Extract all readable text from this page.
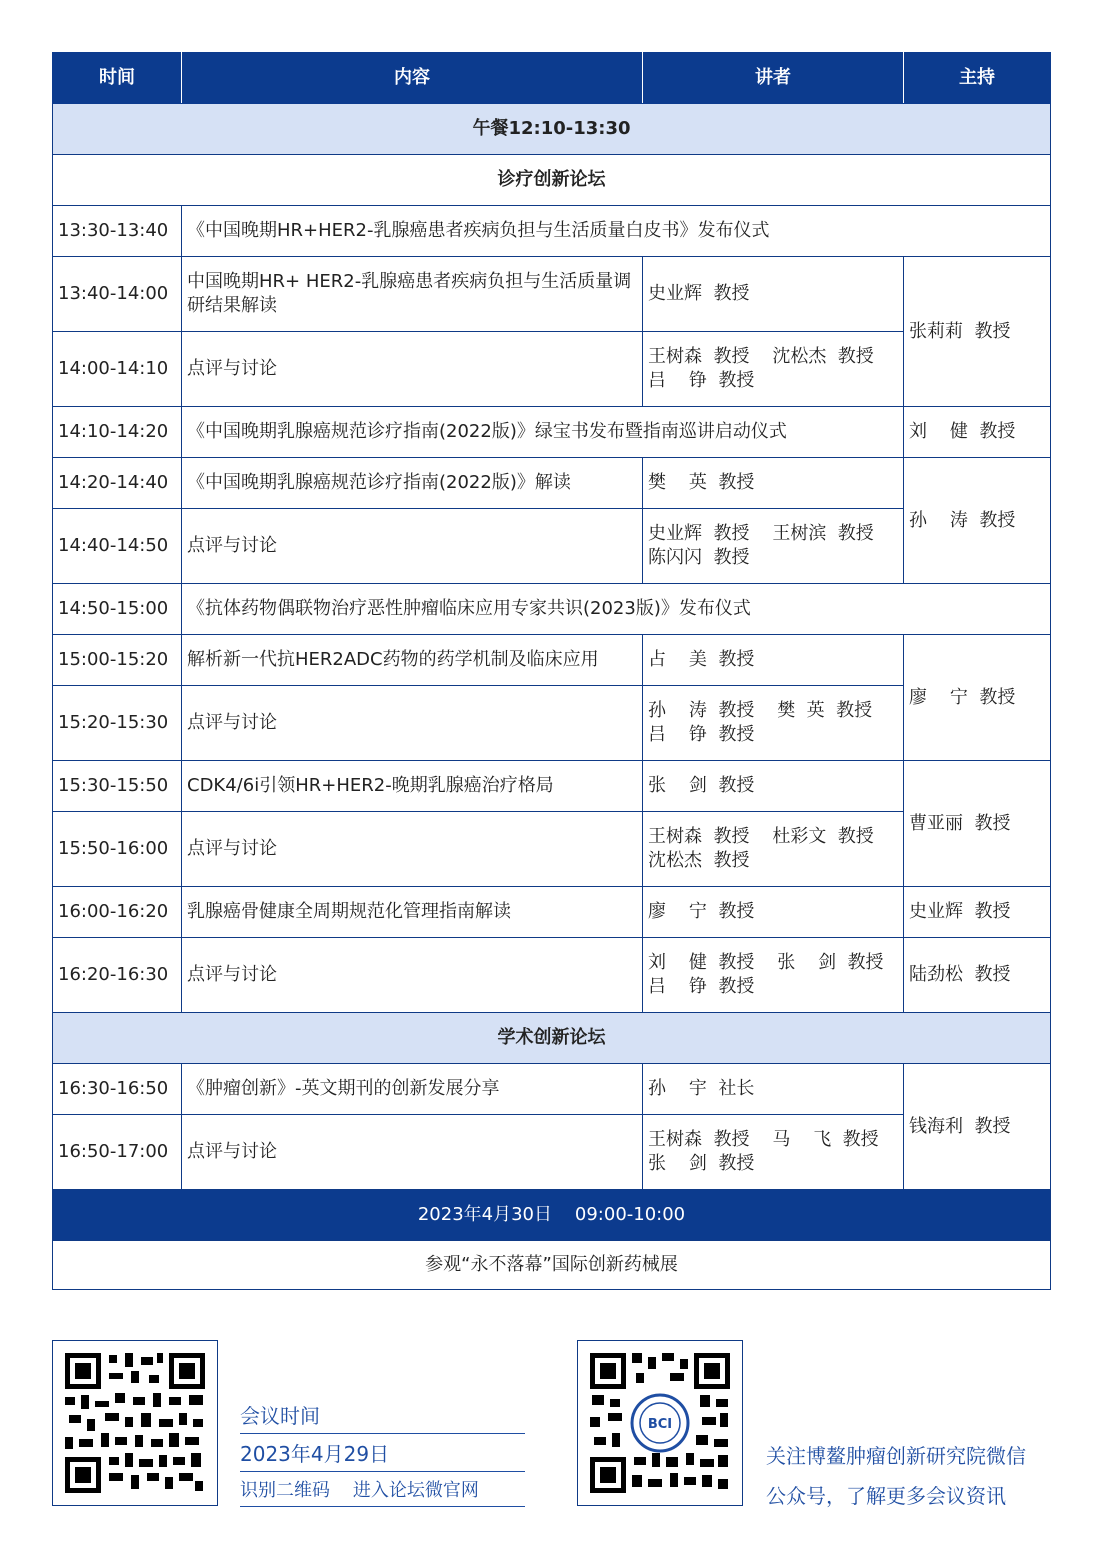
时间	内容	讲者	主持
午餐12:10-13:30			
诊疗创新论坛			
13:30-13:40	《中国晚期HR+HER2-乳腺癌患者疾病负担与生活质量白皮书》发布仪式		
13:40-14:00	中国晚期HR+ HER2-乳腺癌患者疾病负担与生活质量调研结果解读	史业辉  教授	张莉莉  教授
14:00-14:10	点评与讨论	王树森  教授    沈松杰  教授
吕    铮  教授	
14:10-14:20	《中国晚期乳腺癌规范诊疗指南(2022版)》绿宝书发布暨指南巡讲启动仪式		刘    健  教授
14:20-14:40	《中国晚期乳腺癌规范诊疗指南(2022版)》解读	樊    英  教授	孙    涛  教授
14:40-14:50	点评与讨论	史业辉  教授    王树滨  教授
陈闪闪  教授	
14:50-15:00	《抗体药物偶联物治疗恶性肿瘤临床应用专家共识(2023版)》发布仪式		
15:00-15:20	解析新一代抗HER2ADC药物的药学机制及临床应用	占    美  教授	廖    宁  教授
15:20-15:30	点评与讨论	孙    涛  教授    樊  英  教授
吕    铮  教授	
15:30-15:50	CDK4/6i引领HR+HER2-晚期乳腺癌治疗格局	张    剑  教授	曹亚丽  教授
15:50-16:00	点评与讨论	王树森  教授    杜彩文  教授
沈松杰  教授	
16:00-16:20	乳腺癌骨健康全周期规范化管理指南解读	廖    宁  教授	史业辉  教授
16:20-16:30	点评与讨论	刘    健  教授    张    剑  教授
吕    铮  教授	陆劲松  教授
学术创新论坛			
16:30-16:50	《肿瘤创新》-英文期刊的创新发展分享	孙    宇  社长	钱海利  教授
16:50-17:00	点评与讨论	王树森  教授    马    飞  教授
张    剑  教授	
2023年4月30日    09:00-10:00			
参观“永不落幕”国际创新药械展			
会议时间
2023年4月29日
识别二维码    进入论坛微官网
BCI
关注博鳌肿瘤创新研究院微信
公众号，了解更多会议资讯
